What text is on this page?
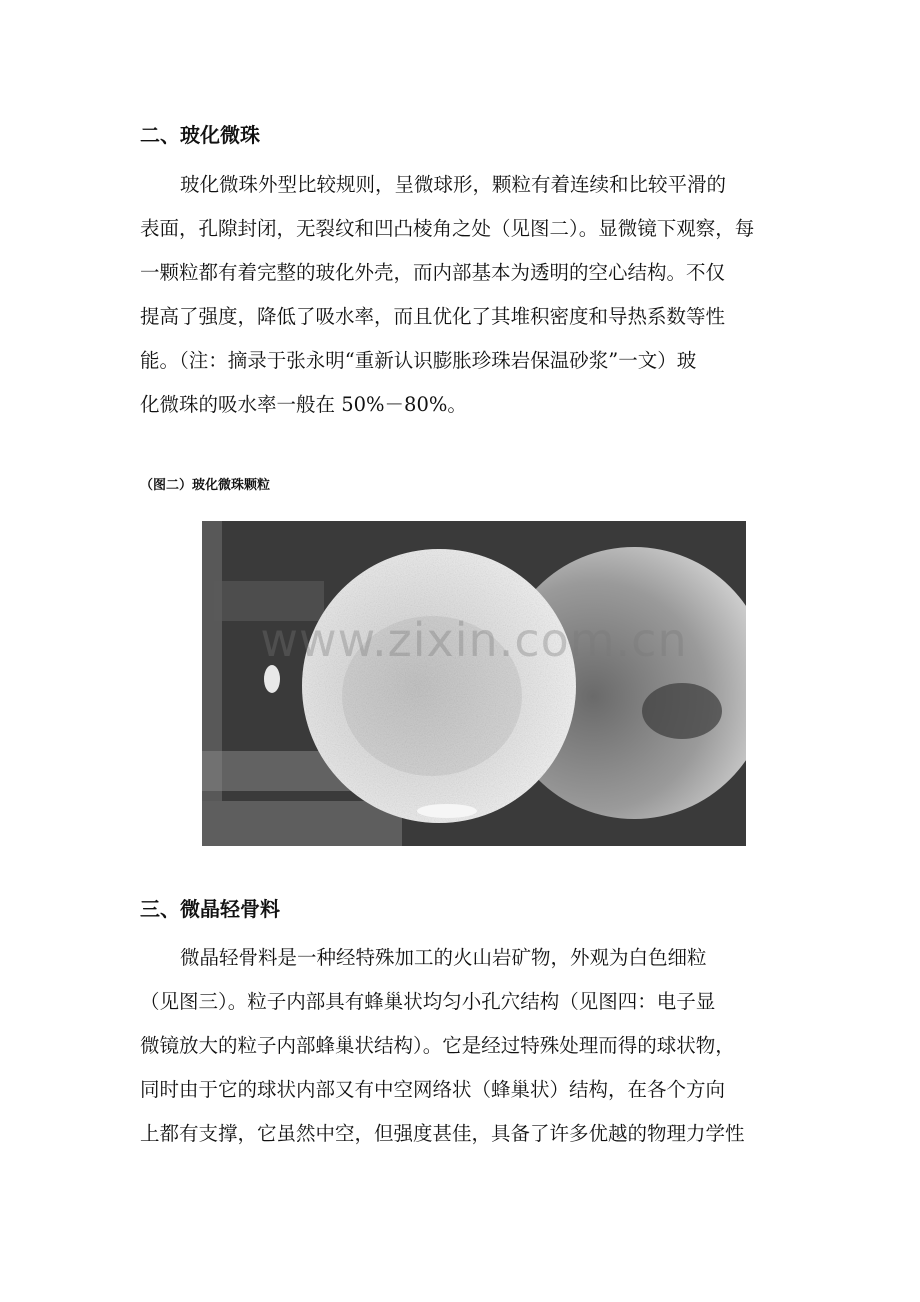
二、玻化微珠
玻化微珠外型比较规则，呈微球形，颗粒有着连续和比较平滑的
表面，孔隙封闭，无裂纹和凹凸棱角之处（见图二）。显微镜下观察，每
一颗粒都有着完整的玻化外壳，而内部基本为透明的空心结构。不仅
提高了强度，降低了吸水率，而且优化了其堆积密度和导热系数等性
能。（注：摘录于张永明“重新认识膨胀珍珠岩保温砂浆”一文）玻
化微珠的吸水率一般在 50%－80%。

（图二）玻化微珠颗粒

www.zixin.com.cn
三、微晶轻骨料
微晶轻骨料是一种经特殊加工的火山岩矿物，外观为白色细粒
（见图三）。粒子内部具有蜂巢状均匀小孔穴结构（见图四：电子显
微镜放大的粒子内部蜂巢状结构）。它是经过特殊处理而得的球状物，
同时由于它的球状内部又有中空网络状（蜂巢状）结构，在各个方向
上都有支撑，它虽然中空，但强度甚佳，具备了许多优越的物理力学性
